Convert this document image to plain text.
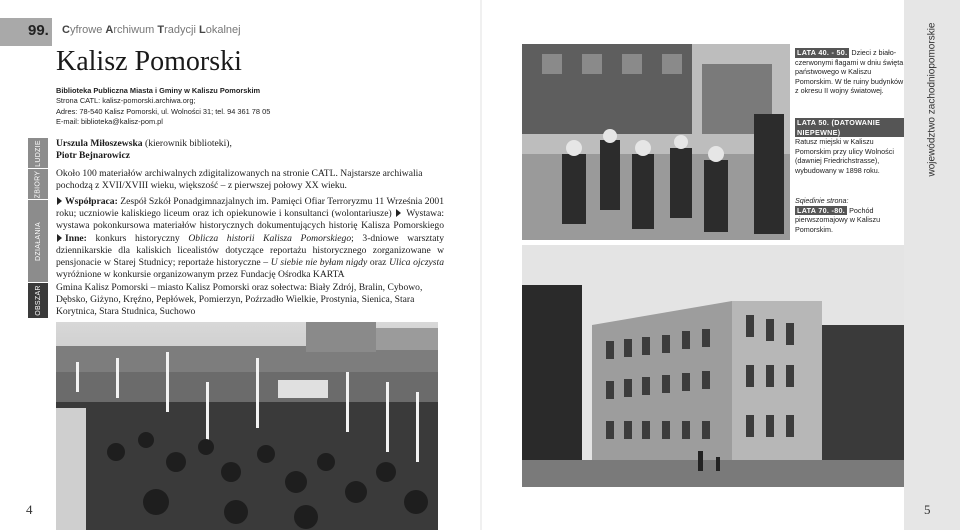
99. Cyfrowe Archiwum Tradycji Lokalnej
LUDZIE
ZBIORY
DZIAŁANIA
OBSZAR
Kalisz Pomorski
Biblioteka Publiczna Miasta i Gminy w Kaliszu Pomorskim
Strona CATL: kalisz-pomorski.archiwa.org;
Adres: 78-540 Kalisz Pomorski, ul. Wolności 31; tel. 94 361 78 05
E-mail: biblioteka@kalisz-pom.pl
Urszula Miłoszewska (kierownik biblioteki),
Piotr Bejnarowicz
Około 100 materiałów archiwalnych zdigitalizowanych na stronie CATL. Najstarsze archiwalia pochodzą z XVII/XVIII wieku, większość – z pierwszej połowy XX wieku.
Współpraca: Zespół Szkół Ponadgimnazjalnych im. Pamięci Ofiar Terroryzmu 11 Września 2001 roku; uczniowie kaliskiego liceum oraz ich opiekunowie i konsultanci (wolontariusze)  Wystawa: wystawa pokonkursowa materiałów historycznych dokumentujących historię Kalisza Pomorskiego Inne: konkurs historyczny Oblicza historii Kalisza Pomorskiego; 3-dniowe warsztaty dziennikarskie dla kaliskich licealistów dotyczące reportażu historycznego zorganizowane w pensjonacie w Starej Studnicy; reportaże historyczne – U siebie nie byłam nigdy oraz Ulica ojczysta wyróżnione w konkursie organizowanym przez Fundację Ośrodka KARTA
Gmina Kalisz Pomorski – miasto Kalisz Pomorski oraz sołectwa: Biały Zdrój, Bralin, Cybowo, Dębsko, Giżyno, Kręźno, Pepłówek, Pomierzyn, Poźrzadło Wielkie, Prostynia, Sienica, Stara Korytnica, Stara Studnica, Suchowo
LATA 40. - 50. Dzieci z biało-czerwonymi flagami w dniu święta państwowego w Kaliszu Pomorskim. W tle ruiny budynków z okresu II wojny światowej.
LATA 50. (DATOWANIE NIEPEWNE) Ratusz miejski w Kaliszu Pomorskim przy ulicy Wolności (dawniej Friedrichstrasse), wybudowany w 1898 roku.
Sqiedinie strona:
LATA 70. -80. Pochód pierwszomajowy w Kaliszu Pomorskim.
województwo zachodniopomorskie
4	5
